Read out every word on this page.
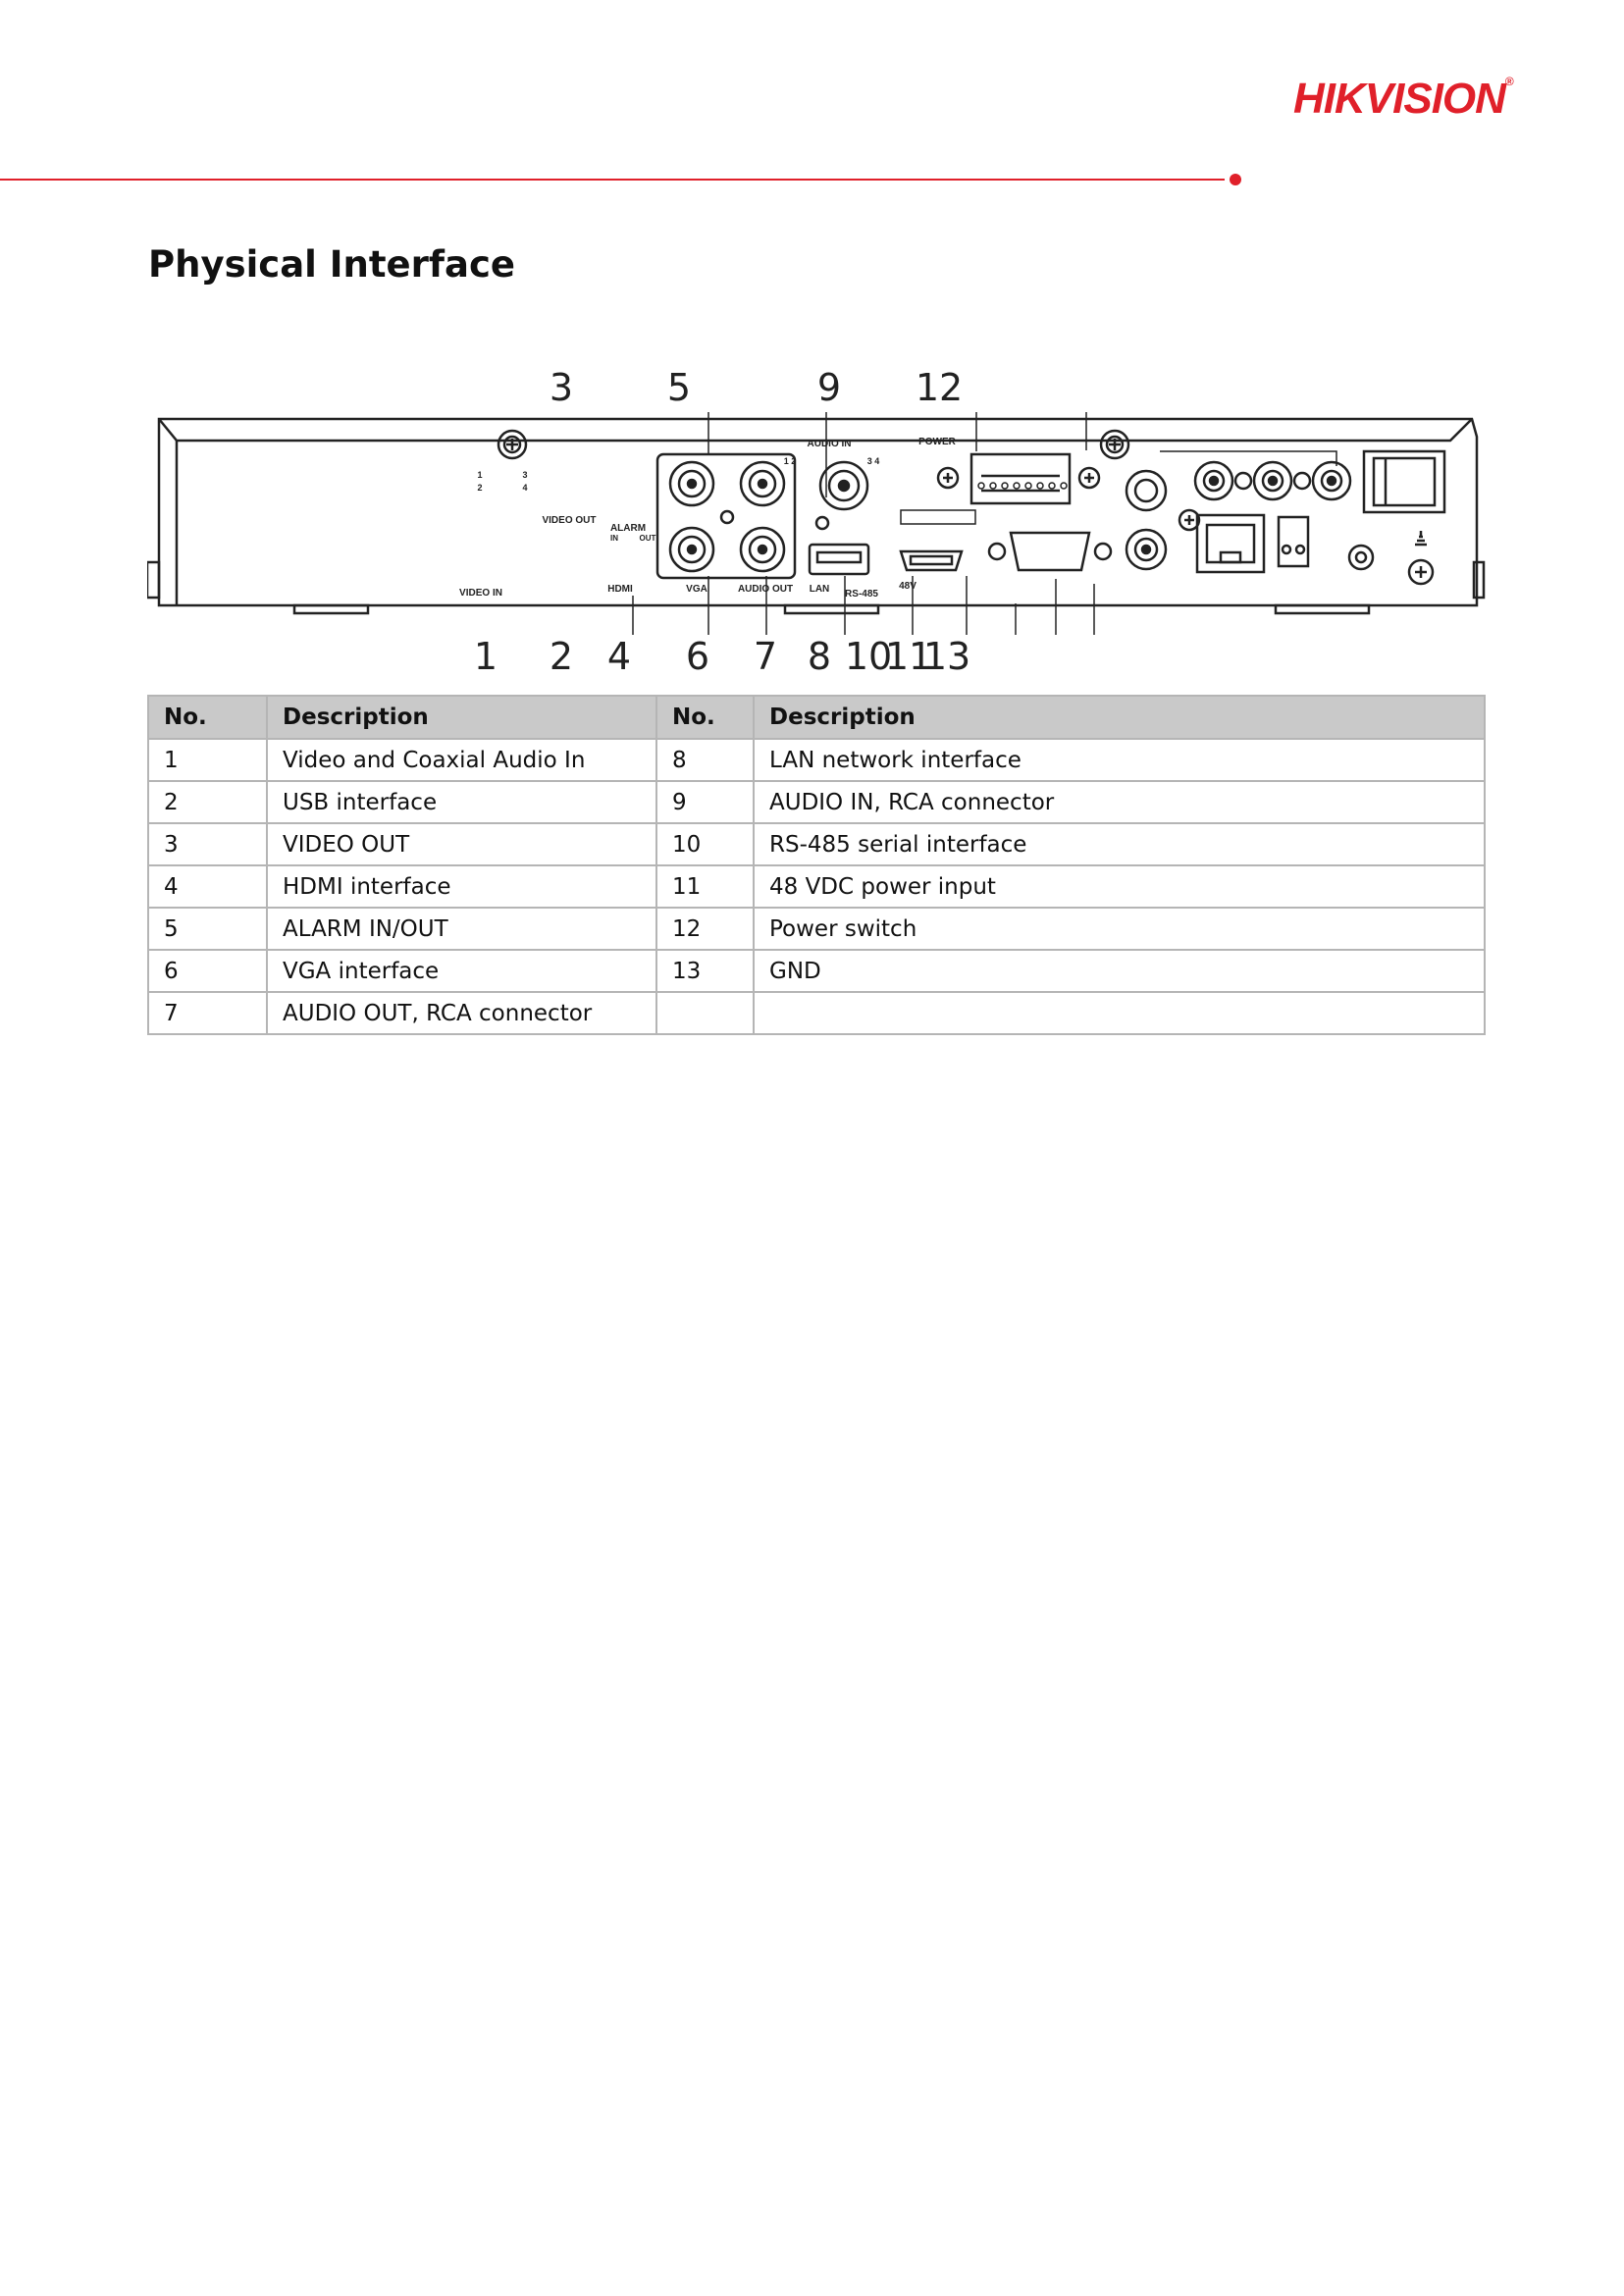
HIKVISION®
Physical Interface
VIDEO IN
VIDEO OUT
ALARM
IN	OUT
HDMI	VGA	AUDIO OUT
AUDIO IN
1 2	3 4
LAN RS-485
POWER
48V
1
2
3
4
3	5	9 12
1 2 4 6 7 8 10
11
13
No.	Description	No.	Description
1	Video and Coaxial Audio In	8	LAN network interface
2	USB interface	9	AUDIO IN, RCA connector
3	VIDEO OUT	10	RS-485 serial interface
4	HDMI interface	11	48 VDC power input
5	ALARM IN/OUT	12	Power switch
6	VGA interface	13	GND
7	AUDIO OUT, RCA connector		
